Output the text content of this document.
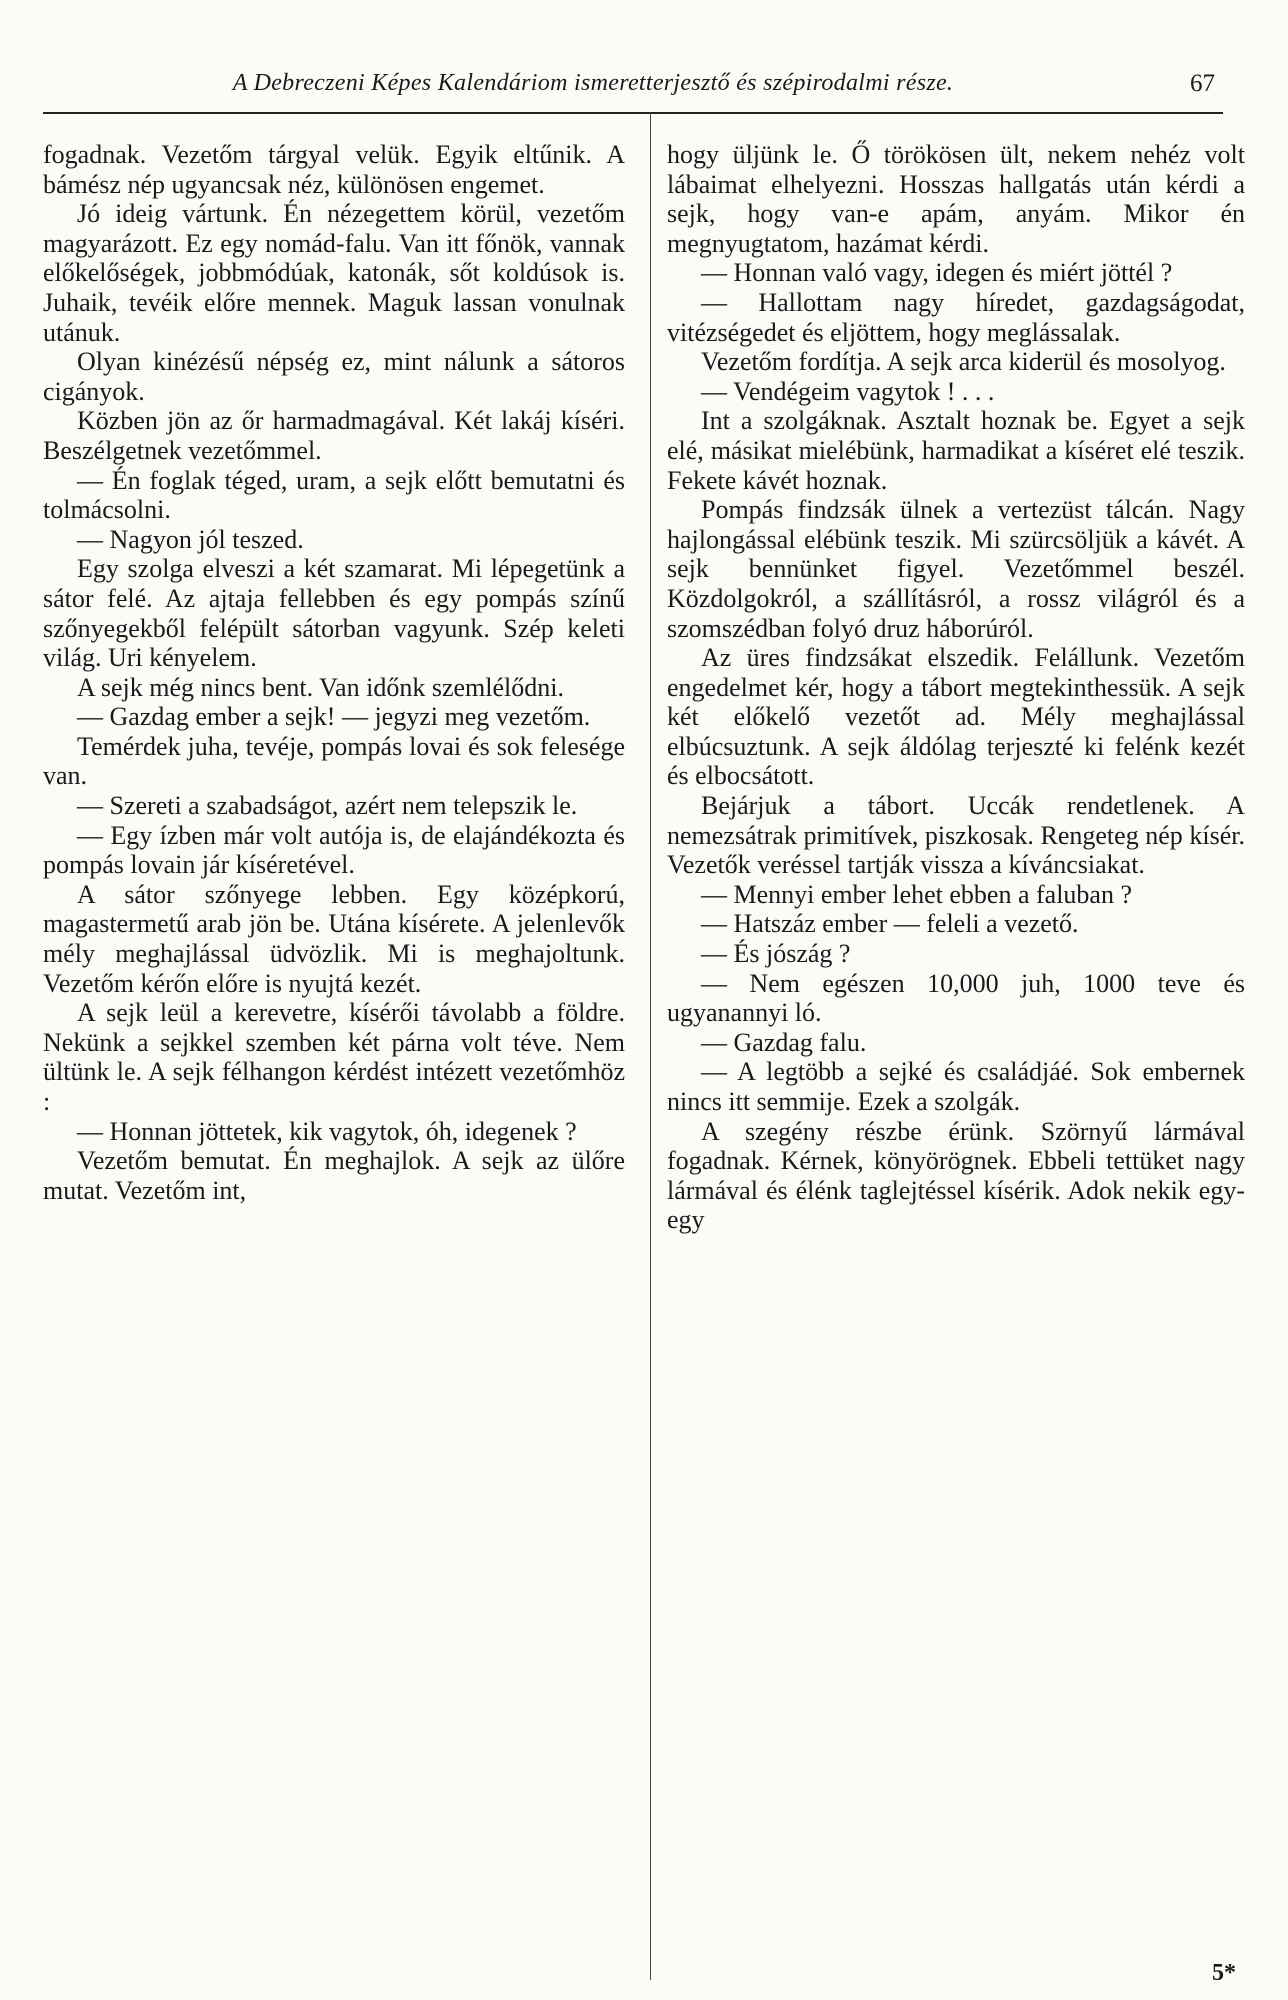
A Debreczeni Képes Kalendáriom ismeretterjesztő és szépirodalmi része.	67

fogadnak. Vezetőm tárgyal velük. Egyik eltűnik. A bámész nép ugyancsak néz, különösen engemet.

Jó ideig vártunk. Én nézegettem körül, vezetőm magyarázott. Ez egy nomád-falu. Van itt főnök, vannak előkelőségek, jobbmódúak, katonák, sőt koldúsok is. Juhaik, tevéik előre mennek. Maguk lassan vonulnak utánuk.

Olyan kinézésű népség ez, mint nálunk a sátoros cigányok.

Közben jön az őr harmadmagával. Két lakáj kíséri. Beszélgetnek vezetőmmel.

— Én foglak téged, uram, a sejk előtt bemutatni és tolmácsolni.

— Nagyon jól teszed.

Egy szolga elveszi a két szamarat. Mi lépegetünk a sátor felé. Az ajtaja fellebben és egy pompás színű szőnyegekből felépült sátorban vagyunk. Szép keleti világ. Uri kényelem.

A sejk még nincs bent. Van időnk szemlélődni.

— Gazdag ember a sejk! — jegyzi meg vezetőm.

Temérdek juha, tevéje, pompás lovai és sok felesége van.

— Szereti a szabadságot, azért nem telepszik le.

— Egy ízben már volt autója is, de elajándékozta és pompás lovain jár kíséretével.

A sátor szőnyege lebben. Egy középkorú, magastermetű arab jön be. Utána kísérete. A jelenlevők mély meghajlással üdvözlik. Mi is meghajoltunk. Vezetőm kérőn előre is nyujtá kezét.

A sejk leül a kerevetre, kísérői távolabb a földre. Nekünk a sejkkel szemben két párna volt téve. Nem ültünk le. A sejk félhangon kérdést intézett vezetőmhöz :

— Honnan jöttetek, kik vagytok, óh, idegenek ?

Vezetőm bemutat. Én meghajlok. A sejk az ülőre mutat. Vezetőm int,

hogy üljünk le. Ő törökösen ült, nekem nehéz volt lábaimat elhelyezni. Hosszas hallgatás után kérdi a sejk, hogy van-e apám, anyám. Mikor én megnyugtatom, hazámat kérdi.

— Honnan való vagy, idegen és miért jöttél ?

— Hallottam nagy híredet, gazdagságodat, vitézségedet és eljöttem, hogy meglássalak.

Vezetőm fordítja. A sejk arca kiderül és mosolyog.

— Vendégeim vagytok ! . . .

Int a szolgáknak. Asztalt hoznak be. Egyet a sejk elé, másikat mielébünk, harmadikat a kíséret elé teszik. Fekete kávét hoznak.

Pompás findzsák ülnek a vertezüst tálcán. Nagy hajlongással elébünk teszik. Mi szürcsöljük a kávét. A sejk bennünket figyel. Vezetőmmel beszél. Közdolgokról, a szállításról, a rossz világról és a szomszédban folyó druz háborúról.

Az üres findzsákat elszedik. Felállunk. Vezetőm engedelmet kér, hogy a tábort megtekinthessük. A sejk két előkelő vezetőt ad. Mély meghajlással elbúcsuztunk. A sejk áldólag terjeszté ki felénk kezét és elbocsátott.

Bejárjuk a tábort. Uccák rendetlenek. A nemezsátrak primitívek, piszkosak. Rengeteg nép kísér. Vezetők veréssel tartják vissza a kíváncsiakat.

— Mennyi ember lehet ebben a faluban ?

— Hatszáz ember — feleli a vezető.

— És jószág ?

— Nem egészen 10,000 juh, 1000 teve és ugyanannyi ló.

— Gazdag falu.

— A legtöbb a sejké és családjáé. Sok embernek nincs itt semmije. Ezek a szolgák.

A szegény részbe érünk. Szörnyű lármával fogadnak. Kérnek, könyörögnek. Ebbeli tettüket nagy lármával és élénk taglejtéssel kísérik. Adok nekik egy-egy

5*
